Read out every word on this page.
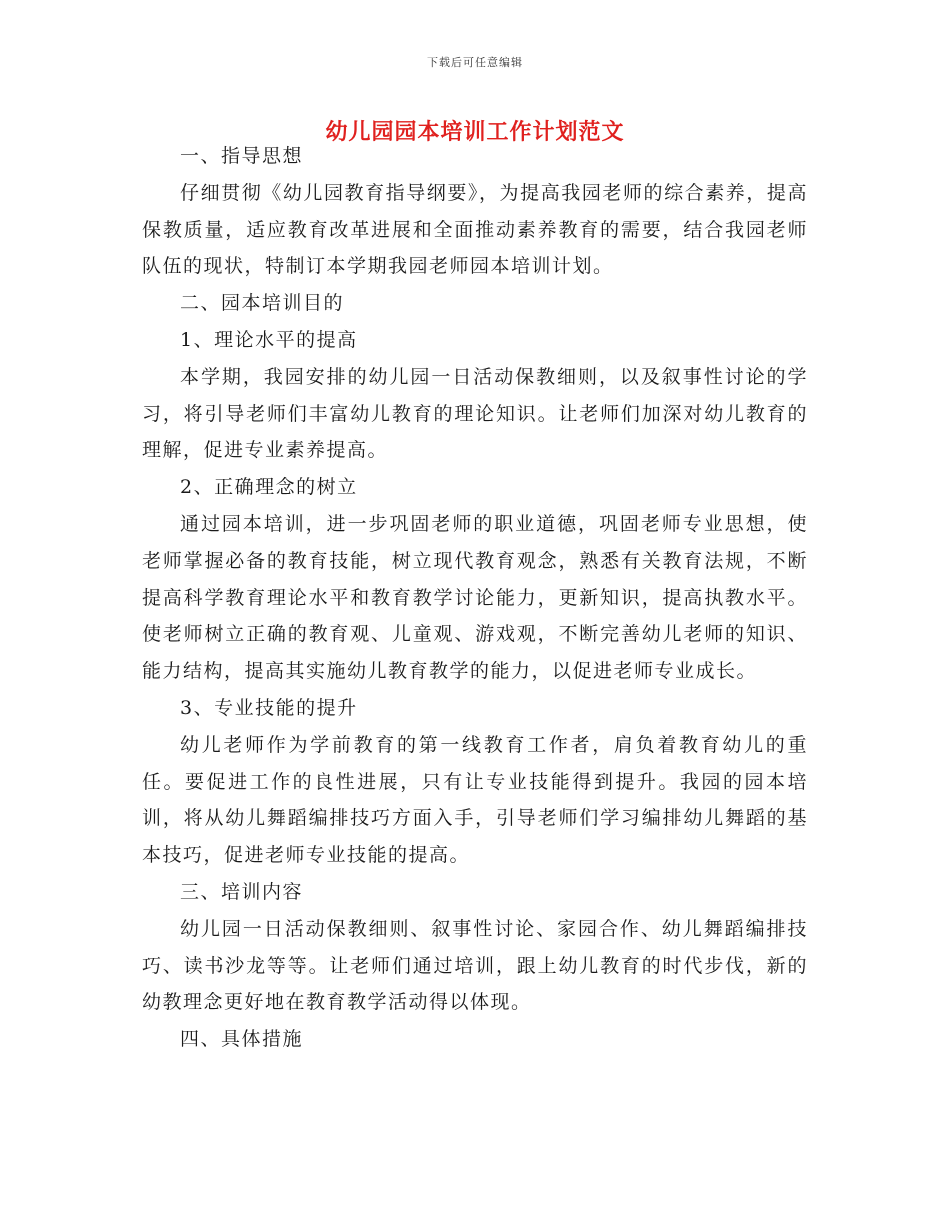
下载后可任意编辑
幼儿园园本培训工作计划范文

一、指导思想

仔细贯彻《幼儿园教育指导纲要》，为提高我园老师的综合素养，提高保教质量，适应教育改革进展和全面推动素养教育的需要，结合我园老师队伍的现状，特制订本学期我园老师园本培训计划。

二、园本培训目的

1、理论水平的提高

本学期，我园安排的幼儿园一日活动保教细则，以及叙事性讨论的学习，将引导老师们丰富幼儿教育的理论知识。让老师们加深对幼儿教育的理解，促进专业素养提高。

2、正确理念的树立

通过园本培训，进一步巩固老师的职业道德，巩固老师专业思想，使老师掌握必备的教育技能，树立现代教育观念，熟悉有关教育法规，不断提高科学教育理论水平和教育教学讨论能力，更新知识，提高执教水平。使老师树立正确的教育观、儿童观、游戏观，不断完善幼儿老师的知识、能力结构，提高其实施幼儿教育教学的能力，以促进老师专业成长。

3、专业技能的提升

幼儿老师作为学前教育的第一线教育工作者，肩负着教育幼儿的重任。要促进工作的良性进展，只有让专业技能得到提升。我园的园本培训，将从幼儿舞蹈编排技巧方面入手，引导老师们学习编排幼儿舞蹈的基本技巧，促进老师专业技能的提高。

三、培训内容

幼儿园一日活动保教细则、叙事性讨论、家园合作、幼儿舞蹈编排技巧、读书沙龙等等。让老师们通过培训，跟上幼儿教育的时代步伐，新的幼教理念更好地在教育教学活动得以体现。

四、具体措施
